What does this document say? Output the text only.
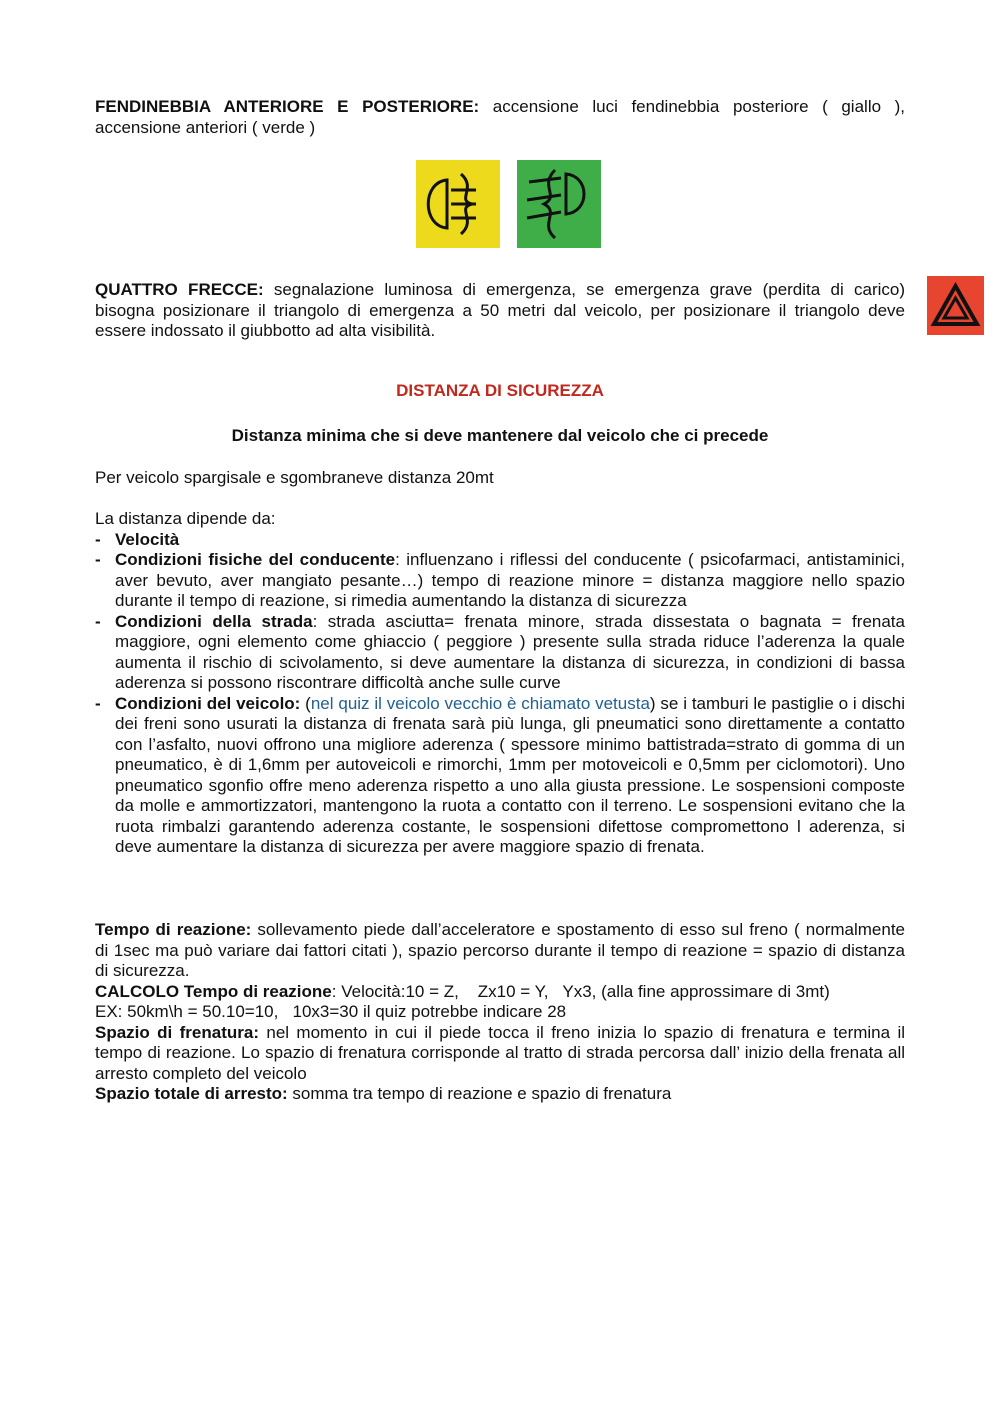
FENDINEBBIA ANTERIORE E POSTERIORE: accensione luci fendinebbia posteriore ( giallo ), accensione anteriori ( verde )

QUATTRO FRECCE: segnalazione luminosa di emergenza, se emergenza grave (perdita di carico) bisogna posizionare il triangolo di emergenza a 50 metri dal veicolo, per posizionare il triangolo deve essere indossato il giubbotto ad alta visibilità.

DISTANZA DI SICUREZZA

Distanza minima che si deve mantenere dal veicolo che ci precede

Per veicolo spargisale e sgombraneve distanza 20mt

La distanza dipende da:

- Velocità
- Condizioni fisiche del conducente: influenzano i riflessi del conducente ( psicofarmaci, antistaminici, aver bevuto, aver mangiato pesante…) tempo di reazione minore = distanza maggiore nello spazio durante il tempo di reazione, si rimedia aumentando la distanza di sicurezza
- Condizioni della strada: strada asciutta= frenata minore, strada dissestata o bagnata = frenata maggiore, ogni elemento come ghiaccio ( peggiore ) presente sulla strada riduce l’aderenza la quale aumenta il rischio di scivolamento, si deve aumentare la distanza di sicurezza, in condizioni di bassa aderenza si possono riscontrare difficoltà anche sulle curve
- Condizioni del veicolo: (nel quiz il veicolo vecchio è chiamato vetusta) se i tamburi le pastiglie o i dischi dei freni sono usurati la distanza di frenata sarà più lunga, gli pneumatici sono direttamente a contatto con l’asfalto, nuovi offrono una migliore aderenza ( spessore minimo battistrada=strato di gomma di un pneumatico, è di 1,6mm per autoveicoli e rimorchi, 1mm per motoveicoli e 0,5mm per ciclomotori). Uno pneumatico sgonfio offre meno aderenza rispetto a uno alla giusta pressione. Le sospensioni composte da molle e ammortizzatori, mantengono la ruota a contatto con il terreno. Le sospensioni evitano che la ruota rimbalzi garantendo aderenza costante, le sospensioni difettose compromettono l aderenza, si deve aumentare la distanza di sicurezza per avere maggiore spazio di frenata.

Tempo di reazione: sollevamento piede dall’acceleratore e spostamento di esso sul freno ( normalmente di 1sec ma può variare dai fattori citati ), spazio percorso durante il tempo di reazione = spazio di distanza di sicurezza.

CALCOLO Tempo di reazione: Velocità:10 = Z,    Zx10 = Y,   Yx3, (alla fine approssimare di 3mt)

EX: 50km\h = 50.10=10,   10x3=30 il quiz potrebbe indicare 28

Spazio di frenatura: nel momento in cui il piede tocca il freno inizia lo spazio di frenatura e termina il tempo di reazione. Lo spazio di frenatura corrisponde al tratto di strada percorsa dall’ inizio della frenata all arresto completo del veicolo

Spazio totale di arresto: somma tra tempo di reazione e spazio di frenatura
